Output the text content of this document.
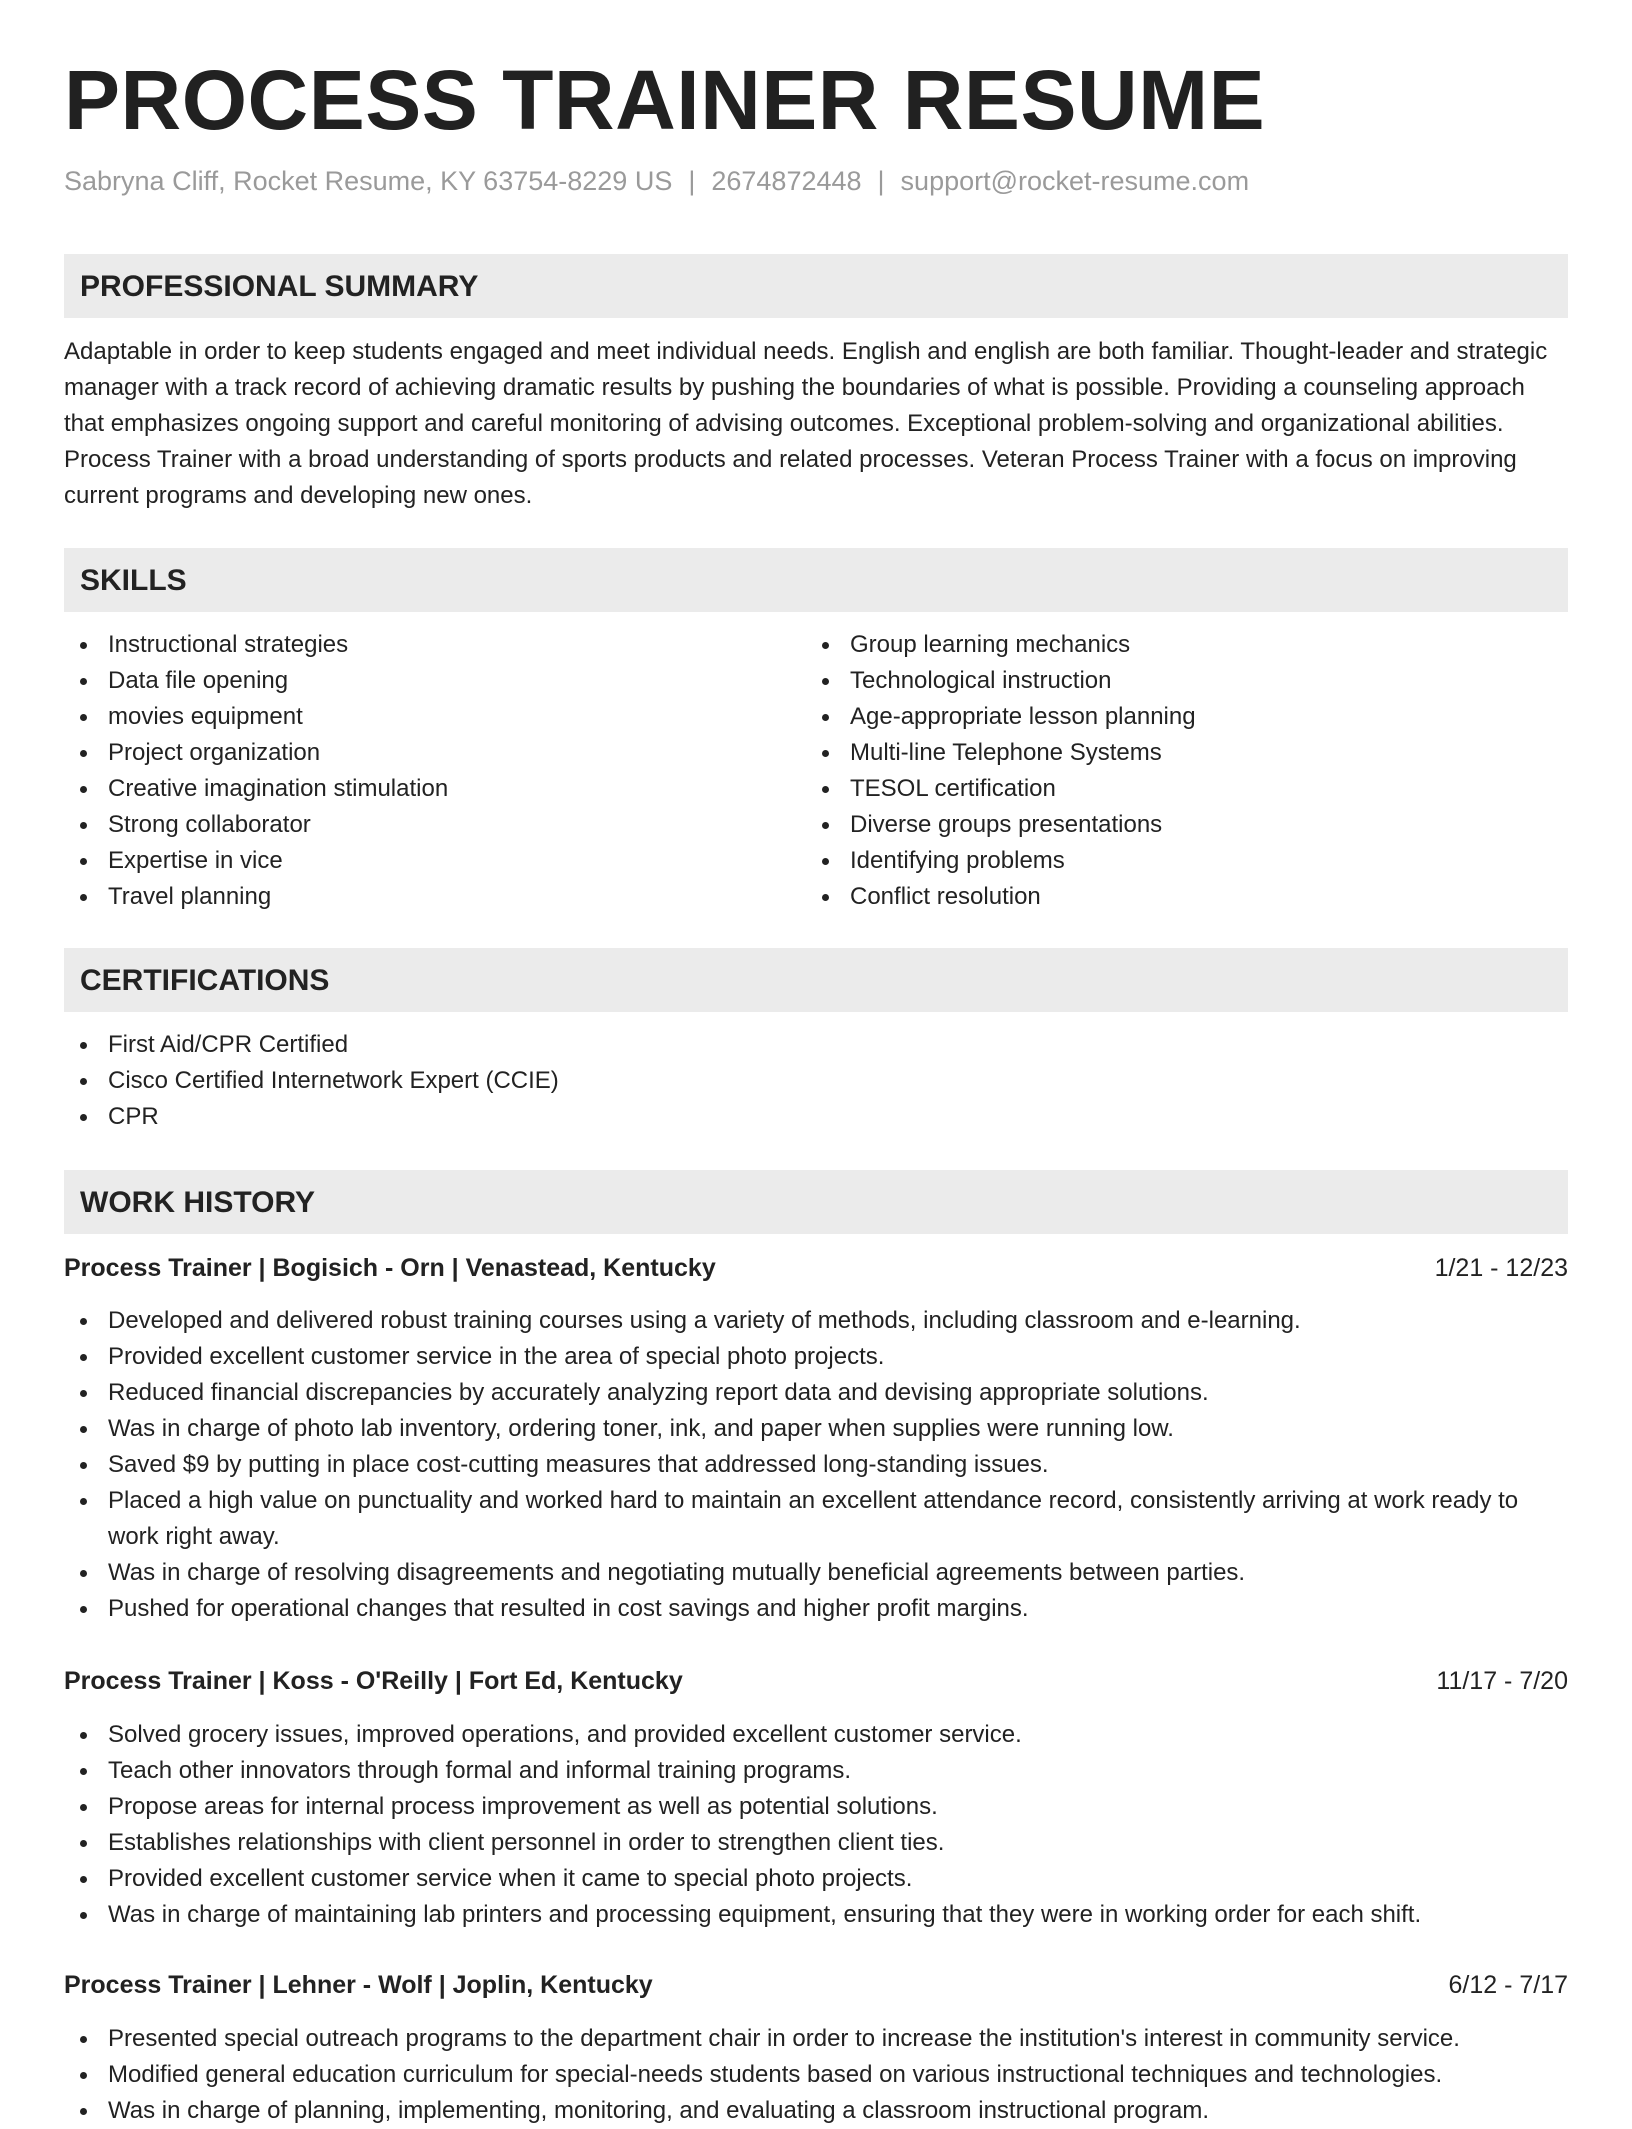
PROCESS TRAINER RESUME
Sabryna Cliff, Rocket Resume, KY 63754-8229 US | 2674872448 | support@rocket-resume.com
PROFESSIONAL SUMMARY
Adaptable in order to keep students engaged and meet individual needs. English and english are both familiar. Thought-leader and strategic manager with a track record of achieving dramatic results by pushing the boundaries of what is possible. Providing a counseling approach that emphasizes ongoing support and careful monitoring of advising outcomes. Exceptional problem-solving and organizational abilities. Process Trainer with a broad understanding of sports products and related processes. Veteran Process Trainer with a focus on improving current programs and developing new ones.
SKILLS
Instructional strategies
Data file opening
movies equipment
Project organization
Creative imagination stimulation
Strong collaborator
Expertise in vice
Travel planning
Group learning mechanics
Technological instruction
Age-appropriate lesson planning
Multi-line Telephone Systems
TESOL certification
Diverse groups presentations
Identifying problems
Conflict resolution
CERTIFICATIONS
First Aid/CPR Certified
Cisco Certified Internetwork Expert (CCIE)
CPR
WORK HISTORY
Process Trainer | Bogisich - Orn | Venastead, Kentucky	1/21 - 12/23
Developed and delivered robust training courses using a variety of methods, including classroom and e-learning.
Provided excellent customer service in the area of special photo projects.
Reduced financial discrepancies by accurately analyzing report data and devising appropriate solutions.
Was in charge of photo lab inventory, ordering toner, ink, and paper when supplies were running low.
Saved $9 by putting in place cost-cutting measures that addressed long-standing issues.
Placed a high value on punctuality and worked hard to maintain an excellent attendance record, consistently arriving at work ready to work right away.
Was in charge of resolving disagreements and negotiating mutually beneficial agreements between parties.
Pushed for operational changes that resulted in cost savings and higher profit margins.
Process Trainer | Koss - O'Reilly | Fort Ed, Kentucky	11/17 - 7/20
Solved grocery issues, improved operations, and provided excellent customer service.
Teach other innovators through formal and informal training programs.
Propose areas for internal process improvement as well as potential solutions.
Establishes relationships with client personnel in order to strengthen client ties.
Provided excellent customer service when it came to special photo projects.
Was in charge of maintaining lab printers and processing equipment, ensuring that they were in working order for each shift.
Process Trainer | Lehner - Wolf | Joplin, Kentucky	6/12 - 7/17
Presented special outreach programs to the department chair in order to increase the institution's interest in community service.
Modified general education curriculum for special-needs students based on various instructional techniques and technologies.
Was in charge of planning, implementing, monitoring, and evaluating a classroom instructional program.
